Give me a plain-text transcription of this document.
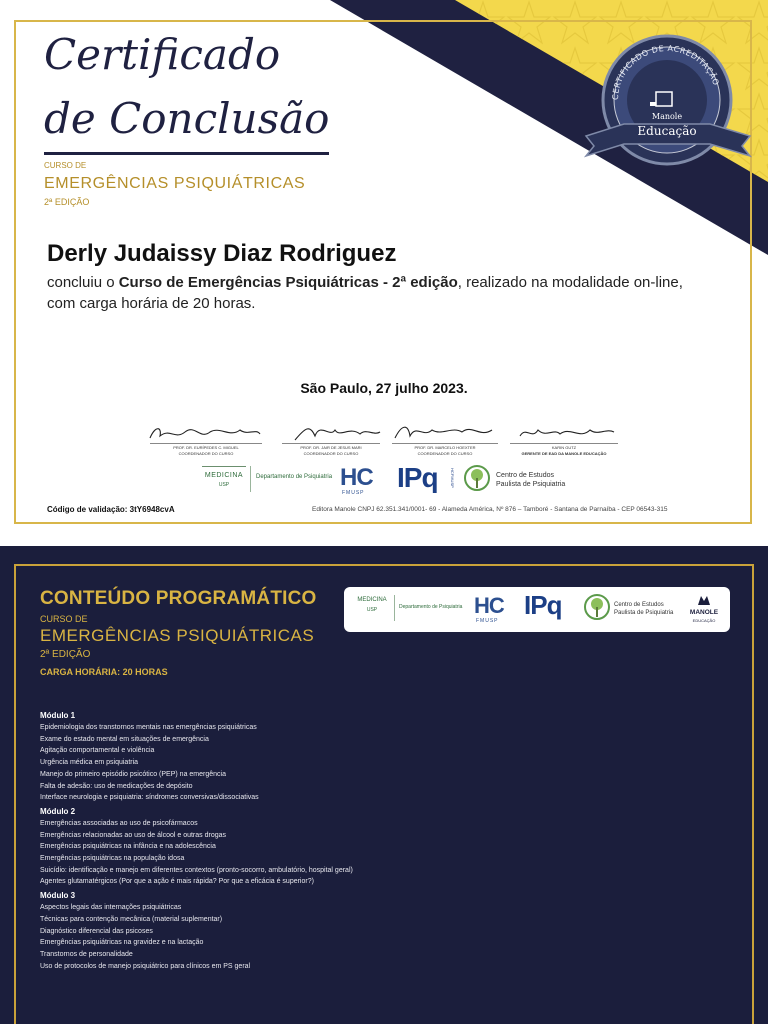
Certificado
de Conclusão
CURSO DE
EMERGÊNCIAS PSIQUIÁTRICAS
2ª EDIÇÃO
CERTIFICADO DE ACREDITAÇÃO
Manole
Educação
Derly Judaissy Diaz Rodriguez
concluiu o Curso de Emergências Psiquiátricas - 2ª edição, realizado na modalidade on-line, com carga horária de 20 horas.
São Paulo, 27 julho 2023.
PROF. DR. EURÍPEDES C. MIGUEL
COORDENADOR DO CURSO
PROF. DR. JAIR DE JESUS MARI
COORDENADOR DO CURSO
PROF. DR. MARCELO HOEXTER
COORDENADOR DO CURSO
KARIN GUTZ
GERENTE DE EAD DA MANOLE EDUCAÇÃO
MEDICINA
USP
Departamento de Psiquiatria HC
FMUSP IPq	HCFMUSP	Centro de Estudos
Paulista de Psiquiatria
Código de validação: 3tY6948cvA	Editora Manole CNPJ 62.351.341/0001- 69 - Alameda América, Nº 876 – Tamboré - Santana de Parnaíba - CEP 06543-315
CONTEÚDO PROGRAMÁTICO
CURSO DE
EMERGÊNCIAS PSIQUIÁTRICAS
2ª EDIÇÃO
CARGA HORÁRIA: 20 HORAS
MEDICINA
USP	Departamento de Psiquiatria HC
FMUSP
IPq	Centro de Estudos
Paulista de Psiquiatria	MANOLE
EDUCAÇÃO
Módulo 1
Epidemiologia dos transtornos mentais nas emergências psiquiátricas
Exame do estado mental em situações de emergência
Agitação comportamental e violência
Urgência médica em psiquiatria
Manejo do primeiro episódio psicótico (PEP) na emergência
Falta de adesão: uso de medicações de depósito
Interface neurologia e psiquiatria: síndromes conversivas/dissociativas
Módulo 2
Emergências associadas ao uso de psicofármacos
Emergências relacionadas ao uso de álcool e outras drogas
Emergências psiquiátricas na infância e na adolescência
Emergências psiquiátricas na população idosa
Suicídio: identificação e manejo em diferentes contextos (pronto-socorro, ambulatório, hospital geral)
Agentes glutamatérgicos (Por que a ação é mais rápida? Por que a eficácia é superior?)
Módulo 3
Aspectos legais das internações psiquiátricas
Técnicas para contenção mecânica (material suplementar)
Diagnóstico diferencial das psicoses
Emergências psiquiátricas na gravidez e na lactação
Transtornos de personalidade
Uso de protocolos de manejo psiquiátrico para clínicos em PS geral
